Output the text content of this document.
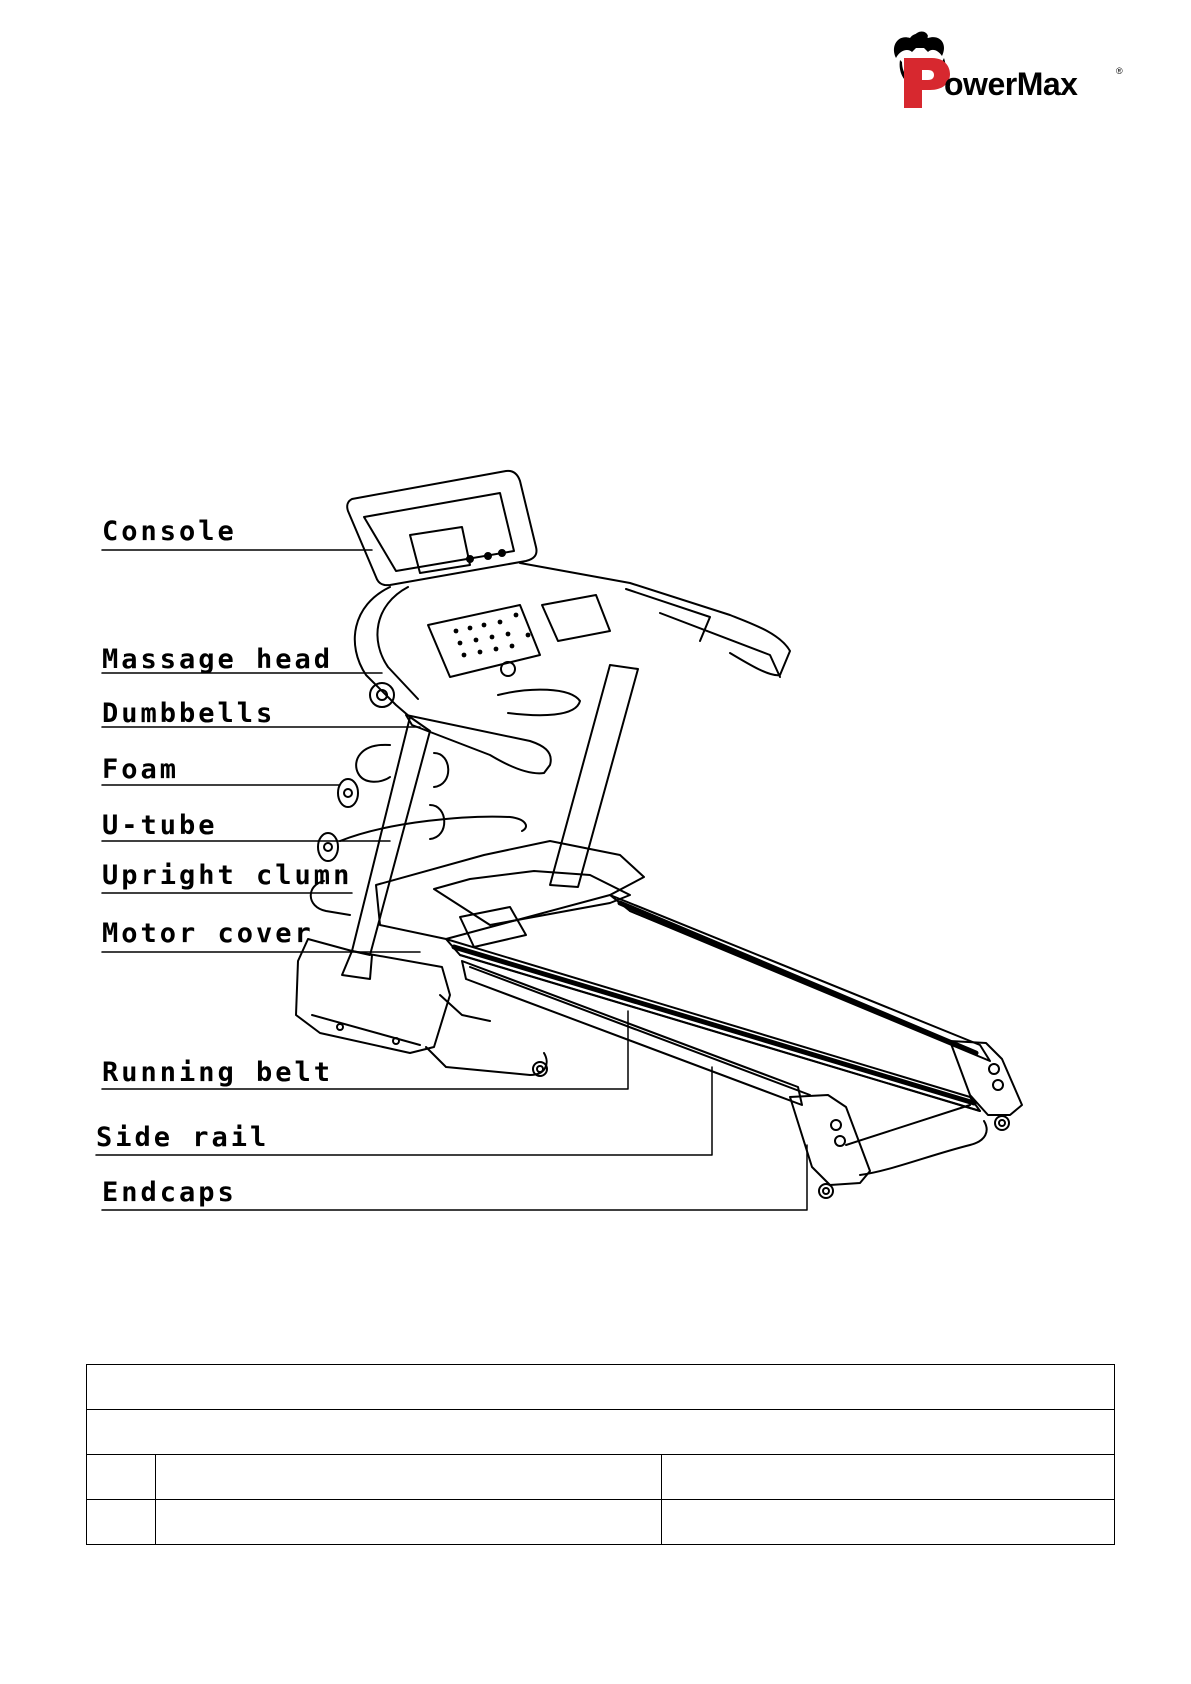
owerMax	®
Console
Massage head
Dumbbells
Foam
U-tube
Upright clumn
Motor cover
Running belt
Side rail
Endcaps
